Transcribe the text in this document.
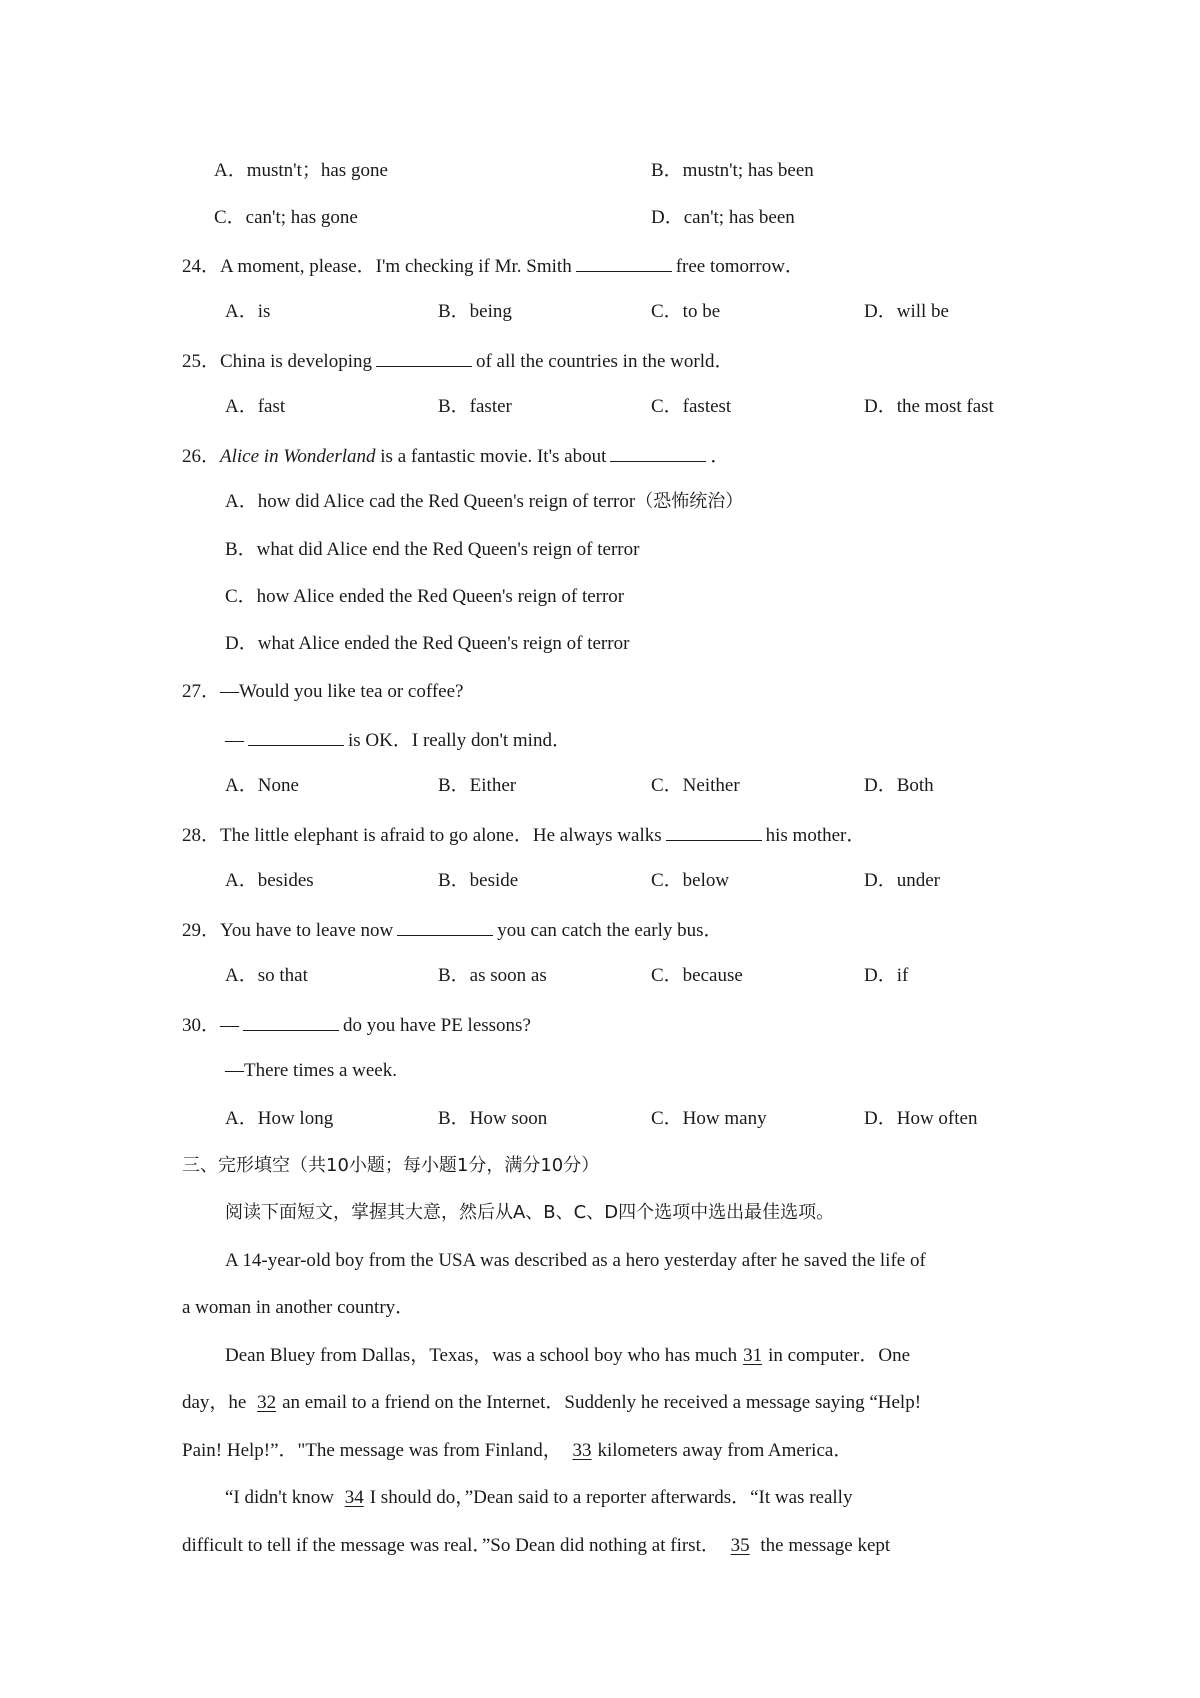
A．mustn't；has gone	B．mustn't; has been
C．can't; has gone	D．can't; has been
24．A moment, please．I'm checking if Mr. Smith	free tomorrow．
A．is	B．being	C．to be	D．will be
25．China is developing	of all the countries in the world．
A．fast	B．faster	C．fastest	D．the most fast
26．Alice in Wonderland is a fantastic movie. It's about	．
A．how did Alice cad the Red Queen's reign of terror（恐怖统治）
B．what did Alice end the Red Queen's reign of terror
C．how Alice ended the Red Queen's reign of terror
D．what Alice ended the Red Queen's reign of terror
27．—Would you like tea or coffee?
—	is OK．I really don't mind．
A．None	B．Either	C．Neither	D．Both
28．The little elephant is afraid to go alone．He always walks	his mother．
A．besides	B．beside	C．below	D．under
29．You have to leave now	you can catch the early bus．
A．so that	B．as soon as	C．because	D．if
30．—	do you have PE lessons?
—There times a week.
A．How long	B．How soon	C．How many	D．How often
三、完形填空（共10小题；每小题1分，满分10分）
阅读下面短文，掌握其大意，然后从A、B、C、D四个选项中选出最佳选项。
A 14-year-old boy from the USA was described as a hero yesterday after he saved the life of
a woman in another country．
Dean Bluey from Dallas，Texas，was a school boy who has much 31 in computer．One
day，he 32 an email to a friend on the Internet．Suddenly he received a message saying “Help!
Pain! Help!”．"The message was from Finland， 33 kilometers away from America．
“I didn't know 34 I should do，”Dean said to a reporter afterwards．“It was really
difficult to tell if the message was real．”So Dean did nothing at first． 35 the message kept
